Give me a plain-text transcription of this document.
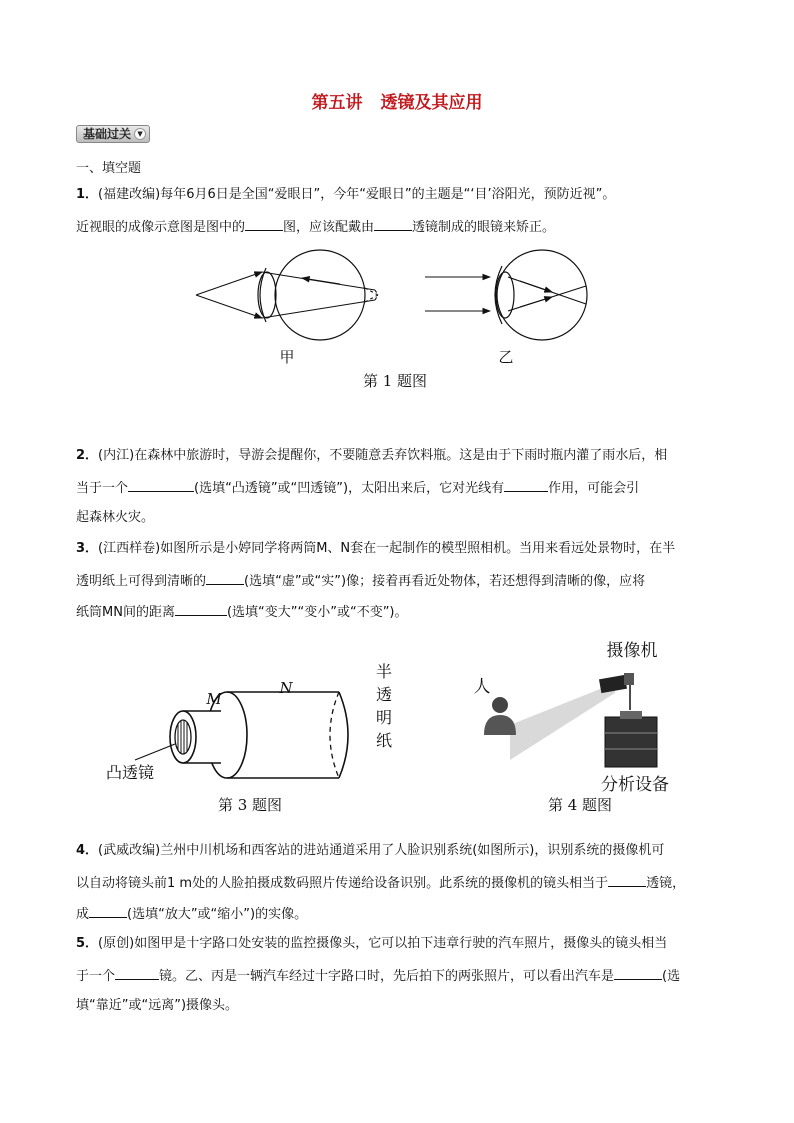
第五讲 透镜及其应用
基础过关 ▼
一、填空题
1．(福建改编)每年6月6日是全国“爱眼日”，今年“爱眼日”的主题是“‘目’浴阳光，预防近视”。
近视眼的成像示意图是图中的	图，应该配戴由	透镜制成的眼镜来矫正。
甲	乙
第 1 题图
2．(内江)在森林中旅游时，导游会提醒你，不要随意丢弃饮料瓶。这是由于下雨时瓶内灌了雨水后，相
当于一个	(选填“凸透镜”或“凹透镜”)，太阳出来后，它对光线有	作用，可能会引
起森林火灾。
3．(江西样卷)如图所示是小婷同学将两筒M、N套在一起制作的模型照相机。当用来看远处景物时，在半
透明纸上可得到清晰的	(选填“虚”或“实”)像；接着再看近处物体，若还想得到清晰的像，应将
纸筒MN间的距离	(选填“变大”“变小”或“不变”)。
M
N
凸透镜
半透明纸
第 3 题图
摄像机
人
分析设备
第 4 题图
4．(武威改编)兰州中川机场和西客站的进站通道采用了人脸识别系统(如图所示)，识别系统的摄像机可
以自动将镜头前1 m处的人脸拍摄成数码照片传递给设备识别。此系统的摄像机的镜头相当于	透镜，
成	(选填“放大”或“缩小”)的实像。
5．(原创)如图甲是十字路口处安装的监控摄像头，它可以拍下违章行驶的汽车照片，摄像头的镜头相当
于一个	镜。乙、丙是一辆汽车经过十字路口时，先后拍下的两张照片，可以看出汽车是	(选
填“靠近”或“远离”)摄像头。
